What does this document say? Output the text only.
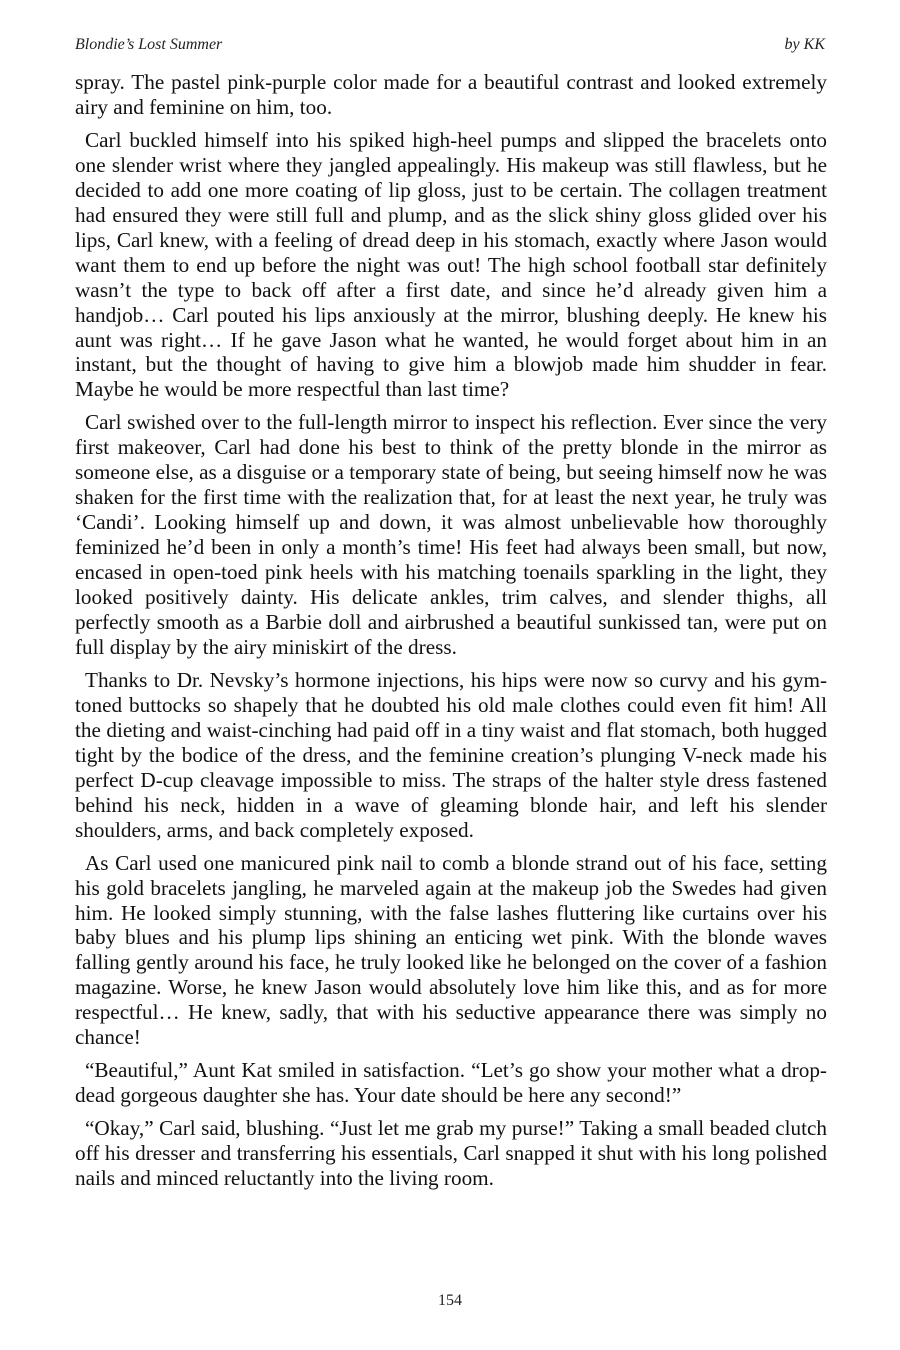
Blondie’s Lost Summer	by KK

spray. The pastel pink-purple color made for a beautiful contrast and looked extremely airy and feminine on him, too.

Carl buckled himself into his spiked high-heel pumps and slipped the bracelets onto one slender wrist where they jangled appealingly. His makeup was still flawless, but he decided to add one more coating of lip gloss, just to be certain. The collagen treatment had ensured they were still full and plump, and as the slick shiny gloss glided over his lips, Carl knew, with a feeling of dread deep in his stomach, exactly where Jason would want them to end up before the night was out! The high school football star definitely wasn’t the type to back off after a first date, and since he’d already given him a handjob… Carl pouted his lips anxiously at the mirror, blushing deeply. He knew his aunt was right… If he gave Jason what he wanted, he would forget about him in an instant, but the thought of having to give him a blowjob made him shudder in fear. Maybe he would be more respectful than last time?

Carl swished over to the full-length mirror to inspect his reflection. Ever since the very first makeover, Carl had done his best to think of the pretty blonde in the mirror as someone else, as a disguise or a temporary state of being, but seeing himself now he was shaken for the first time with the realization that, for at least the next year, he truly was ‘Candi’. Looking himself up and down, it was almost unbelievable how thoroughly feminized he’d been in only a month’s time! His feet had always been small, but now, encased in open-toed pink heels with his matching toenails sparkling in the light, they looked positively dainty. His delicate ankles, trim calves, and slender thighs, all perfectly smooth as a Barbie doll and airbrushed a beautiful sunkissed tan, were put on full display by the airy miniskirt of the dress.

Thanks to Dr. Nevsky’s hormone injections, his hips were now so curvy and his gym-toned buttocks so shapely that he doubted his old male clothes could even fit him! All the dieting and waist-cinching had paid off in a tiny waist and flat stomach, both hugged tight by the bodice of the dress, and the feminine creation’s plunging V-neck made his perfect D-cup cleavage impossible to miss. The straps of the halter style dress fastened behind his neck, hidden in a wave of gleaming blonde hair, and left his slender shoulders, arms, and back completely exposed.

As Carl used one manicured pink nail to comb a blonde strand out of his face, setting his gold bracelets jangling, he marveled again at the makeup job the Swedes had given him. He looked simply stunning, with the false lashes fluttering like curtains over his baby blues and his plump lips shining an enticing wet pink. With the blonde waves falling gently around his face, he truly looked like he belonged on the cover of a fashion magazine. Worse, he knew Jason would absolutely love him like this, and as for more respectful… He knew, sadly, that with his seductive appearance there was simply no chance!

“Beautiful,” Aunt Kat smiled in satisfaction. “Let’s go show your mother what a drop-dead gorgeous daughter she has. Your date should be here any second!”

“Okay,” Carl said, blushing. “Just let me grab my purse!” Taking a small beaded clutch off his dresser and transferring his essentials, Carl snapped it shut with his long polished nails and minced reluctantly into the living room.

154
